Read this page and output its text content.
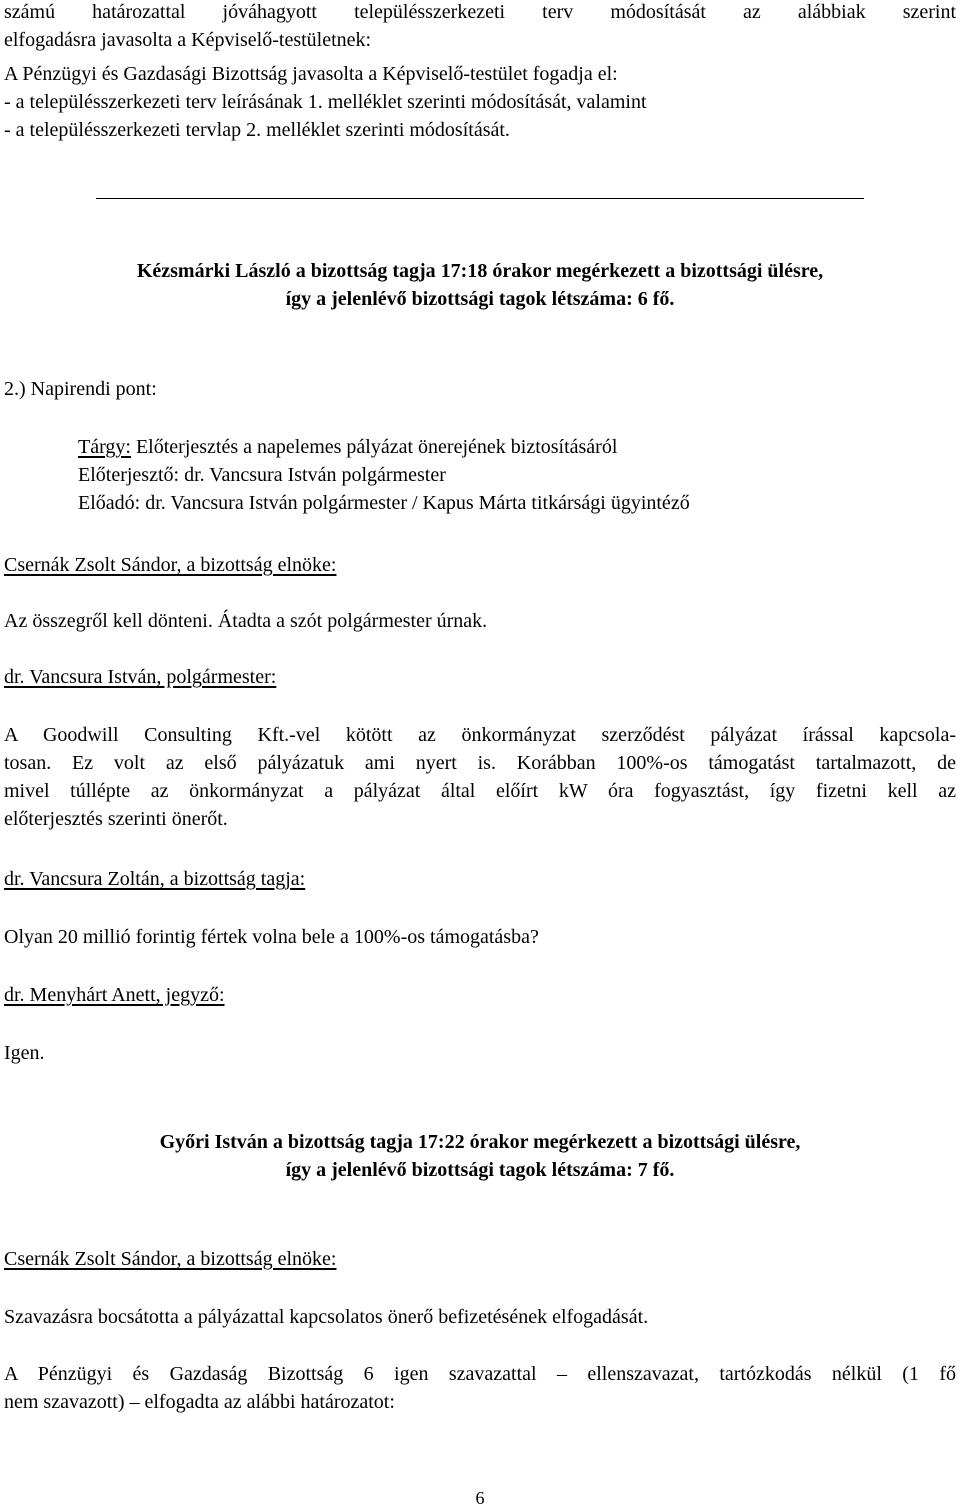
számú határozattal jóváhagyott településszerkezeti terv módosítását az alábbiak szerint
elfogadásra javasolta a Képviselő-testületnek:
A Pénzügyi és Gazdasági Bizottság javasolta a Képviselő-testület fogadja el:
- a településszerkezeti terv leírásának 1. melléklet szerinti módosítását, valamint
- a településszerkezeti tervlap 2. melléklet szerinti módosítását.
Kézsmárki László a bizottság tagja 17:18 órakor megérkezett a bizottsági ülésre,
így a jelenlévő bizottsági tagok létszáma: 6 fő.
2.) Napirendi pont:
Tárgy: Előterjesztés a napelemes pályázat önerejének biztosításáról
Előterjesztő: dr. Vancsura István polgármester
Előadó: dr. Vancsura István polgármester / Kapus Márta titkársági ügyintéző
Csernák Zsolt Sándor, a bizottság elnöke:
Az összegről kell dönteni. Átadta a szót polgármester úrnak.
dr. Vancsura István, polgármester:
A Goodwill Consulting Kft.-vel kötött az önkormányzat szerződést pályázat írással kapcsola-
tosan. Ez volt az első pályázatuk ami nyert is. Korábban 100%-os támogatást tartalmazott, de
mivel túllépte az önkormányzat a pályázat által előírt kW óra fogyasztást, így fizetni kell az
előterjesztés szerinti önerőt.
dr. Vancsura Zoltán, a bizottság tagja:
Olyan 20 millió forintig fértek volna bele a 100%-os támogatásba?
dr. Menyhárt Anett, jegyző:
Igen.
Győri István a bizottság tagja 17:22 órakor megérkezett a bizottsági ülésre,
így a jelenlévő bizottsági tagok létszáma: 7 fő.
Csernák Zsolt Sándor, a bizottság elnöke:
Szavazásra bocsátotta a pályázattal kapcsolatos önerő befizetésének elfogadását.
A Pénzügyi és Gazdaság Bizottság 6 igen szavazattal – ellenszavazat, tartózkodás nélkül (1 fő
nem szavazott) – elfogadta az alábbi határozatot:
6
